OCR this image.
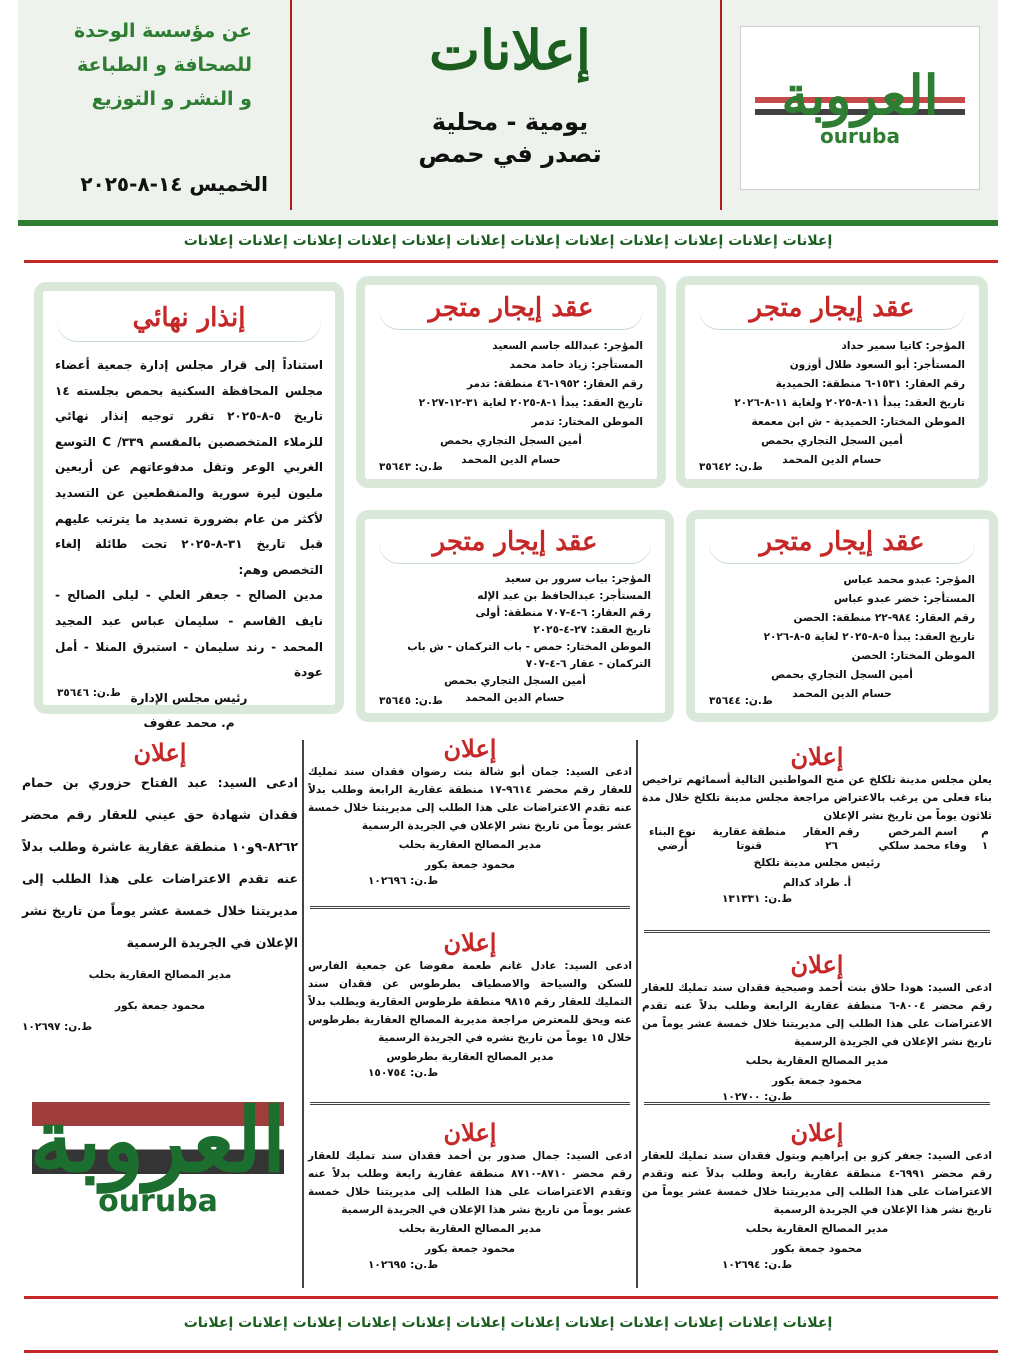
العروبة
ouruba
إعلانات
يومية - محلية
تصدر في حمص
عن مؤسسة الوحدة
للصحافة و الطباعة
و النشر و التوزيع
الخميس ١٤-٨-٢٠٢٥
إعلانات إعلانات إعلانات إعلانات إعلانات إعلانات إعلانات إعلانات إعلانات إعلانات إعلانات إعلانات
عقد إيجار متجر
المؤجر: كاتيا سمير حداد
المستأجر: أبو السعود طلال أوزون
رقم العقار: ١٥٣١-٦ منطقة: الحميدية
تاريخ العقد: يبدأ ١١-٨-٢٠٢٥ ولغاية ١١-٨-٢٠٢٦
الموطن المختار: الحميدية - ش ابن معمعة
أمين السجل التجاري بحمص
حسام الدين المحمد
ط.ن: ٣٥٦٤٢
عقد إيجار متجر
المؤجر: عبدو محمد عباس
المستأجر: خضر عبدو عباس
رقم العقار: ٩٨٤-٢٢ منطقة: الحصن
تاريخ العقد: يبدأ ٥-٨-٢٠٢٥ لغاية ٥-٨-٢٠٢٦
الموطن المختار: الحصن
أمين السجل التجاري بحمص
حسام الدين المحمد
ط.ن: ٣٥٦٤٤
عقد إيجار متجر
المؤجر: عبدالله جاسم السعيد
المستأجر: زياد حامد محمد
رقم العقار: ١٩٥٢-٤٦ منطقة: تدمر
تاريخ العقد: يبدأ ١-٨-٢٠٢٥ لغاية ٣١-١٢-٢٠٢٧
الموطن المختار: تدمر
أمين السجل التجاري بحمص
حسام الدين المحمد
ط.ن: ٣٥٦٤٣
عقد إيجار متجر
المؤجر: بياب سرور بن سعيد
المستأجر: عبدالحافظ بن عبد الإله
رقم العقار: ٦-٤-٧٠٧ منطقة: أولى
تاريخ العقد: ٢٧-٤-٢٠٢٥
الموطن المختار: حمص - باب التركمان - ش باب التركمان - عقار ٦-٤-٧٠٧
أمين السجل التجاري بحمص
حسام الدين المحمد
ط.ن: ٣٥٦٤٥
إنذار نهائي
استناداً إلى قرار مجلس إدارة جمعية أعضاء مجلس المحافظة السكنية بحمص بجلسته ١٤ تاريخ ٥-٨-٢٠٢٥ تقرر توجيه إنذار نهائي للزملاء المتخصصين بالمقسم ٣٣٩/ C التوسع الغربي الوعر وتقل مدفوعاتهم عن أربعين مليون ليرة سورية والمنقطعين عن التسديد لأكثر من عام بضرورة تسديد ما يترتب عليهم قبل تاريخ ٣١-٨-٢٠٢٥ تحت طائلة إلغاء التخصص وهم:
مدين الصالح - جعفر العلي - ليلى الصالح - نايف القاسم - سليمان عباس عبد المجيد المحمد - رند سليمان - استبرق المنلا - أمل عودة
رئيس مجلس الإدارة
م. محمد عفوف
ط.ن: ٣٥٦٤٦
إعلان
يعلن مجلس مدينة تلكلخ عن منح المواطنين التالية أسمائهم تراخيص بناء فعلى من يرغب بالاعتراض مراجعة مجلس مدينة تلكلخ خلال مدة ثلاثون يوماً من تاريخ نشر الإعلان
م	اسم المرخص	رقم العقار	منطقة عقارية	نوع البناء
١	وفاء محمد سلكي	٢٦	قنوتا	أرضي
رئيس مجلس مدينة تلكلخ
أ. طراد كدالم
ط.ن: ١٣١٣٣١
إعلان
ادعى السيد: هودا حلاق بنت أحمد وصبحية فقدان سند تمليك للعقار رقم محضر ٨٠٠٤-٦ منطقة عقارية الرابعة وطلب بدلاً عنه تقدم الاعتراضات على هذا الطلب إلى مديريتنا خلال خمسة عشر يوماً من تاريخ نشر الإعلان في الجريدة الرسمية
مدير المصالح العقارية بحلب
محمود جمعة بكور
ط.ن: ١٠٢٧٠٠
إعلان
ادعى السيد: جعفر كزو بن إبراهيم وبتول فقدان سند تمليك للعقار رقم محضر ٦٩٩١-٤ منطقة عقارية رابعة وطلب بدلاً عنه وتقدم الاعتراضات على هذا الطلب إلى مديريتنا خلال خمسة عشر يوماً من تاريخ نشر هذا الإعلان في الجريدة الرسمية
مدير المصالح العقارية بحلب
محمود جمعة بكور
ط.ن: ١٠٢٦٩٤
إعلان
ادعى السيد: جمان أبو شالة بنت رضوان فقدان سند تمليك للعقار رقم محضر ٩٦١٤-١٧ منطقة عقارية الرابعة وطلب بدلاً عنه تقدم الاعتراضات على هذا الطلب إلى مديريتنا خلال خمسة عشر يوماً من تاريخ نشر الإعلان في الجريدة الرسمية
مدير المصالح العقارية بحلب
محمود جمعة بكور
ط.ن: ١٠٢٦٩٦
إعلان
ادعى السيد: عادل غانم طعمة مفوضا عن جمعية الفارس للسكن والسياحة والاصطياف بطرطوس عن فقدان سند التمليك للعقار رقم ٩٨١٥ منطقة طرطوس العقارية ويطلب بدلاً عنه ويحق للمعترض مراجعة مديرية المصالح العقارية بطرطوس خلال ١٥ يوماً من تاريخ نشره في الجريدة الرسمية
مدير المصالح العقارية بطرطوس
ط.ن: ١٥٠٧٥٤
إعلان
ادعى السيد: جمال صدور بن أحمد فقدان سند تمليك للعقار رقم محضر ٨٧١٠-٨٧١٠ منطقة عقارية رابعة وطلب بدلاً عنه وتقدم الاعتراضات على هذا الطلب إلى مديريتنا خلال خمسة عشر يوماً من تاريخ نشر هذا الإعلان في الجريدة الرسمية
مدير المصالح العقارية بحلب
محمود جمعة بكور
ط.ن: ١٠٢٦٩٥
إعلان
ادعى السيد: عبد الفتاح حزوري بن حمام فقدان شهادة حق عيني للعقار رقم محضر ٨٢٦٢-٩و١٠ منطقة عقارية عاشرة وطلب بدلاً عنه تقدم الاعتراضات على هذا الطلب إلى مديريتنا خلال خمسة عشر يوماً من تاريخ نشر الإعلان في الجريدة الرسمية
مدير المصالح العقارية بحلب
محمود جمعة بكور
ط.ن: ١٠٢٦٩٧
العروبة
ouruba
إعلانات إعلانات إعلانات إعلانات إعلانات إعلانات إعلانات إعلانات إعلانات إعلانات إعلانات إعلانات
